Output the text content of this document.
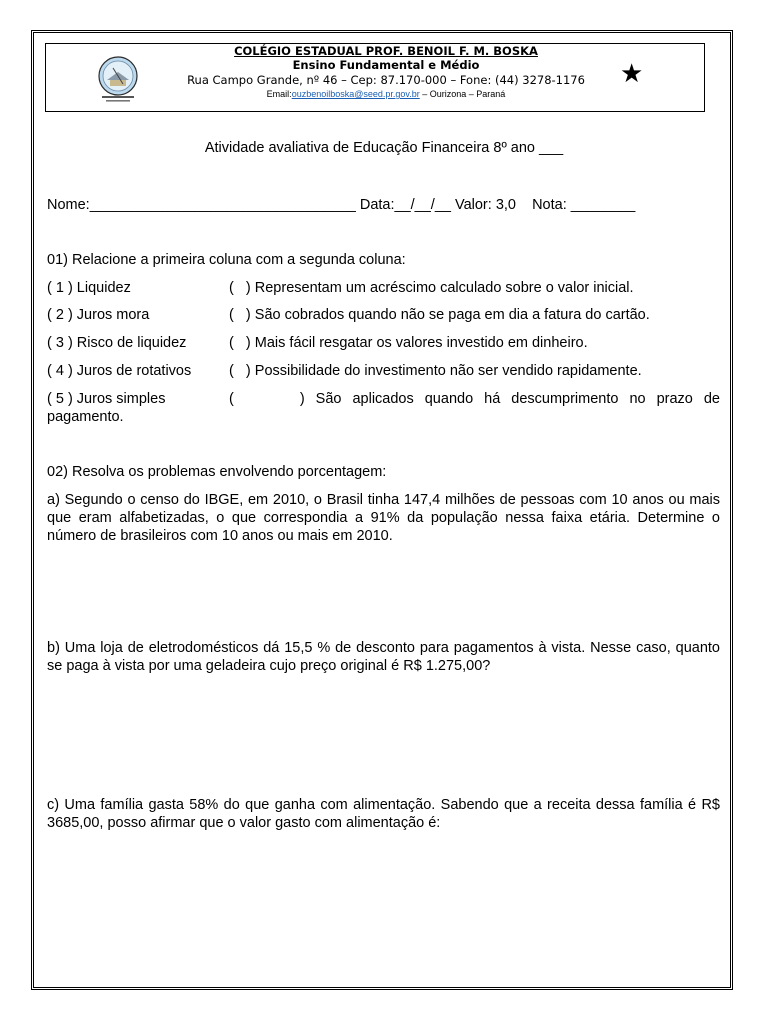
COLÉGIO ESTADUAL PROF. BENOIL F. M. BOSKA
Ensino Fundamental e Médio
Rua Campo Grande, nº 46 – Cep: 87.170-000 – Fone: (44) 3278-1176
Email:ouzbenoilboska@seed.pr.gov.br – Ourizona – Paraná
★
Atividade avaliativa de Educação Financeira 8º ano ___
Nome:_________________________________ Data:__/__/__ Valor: 3,0    Nota: ________
01) Relacione a primeira coluna com a segunda coluna:
( 1 ) Liquidez	(   ) Representam um acréscimo calculado sobre o valor inicial.
( 2 ) Juros mora	(   ) São cobrados quando não se paga em dia a fatura do cartão.
( 3 ) Risco de liquidez	(   ) Mais fácil resgatar os valores investido em dinheiro.
( 4 ) Juros de rotativos	(   ) Possibilidade do investimento não ser vendido rapidamente.
( 5 ) Juros simples	(      ) São aplicados quando há descumprimento no prazo de
pagamento.
02) Resolva os problemas envolvendo porcentagem:
a) Segundo o censo do IBGE, em 2010, o Brasil tinha 147,4 milhões de pessoas com 10 anos ou mais que eram alfabetizadas, o que correspondia a 91% da população nessa faixa etária. Determine o número de brasileiros com 10 anos ou mais em 2010.
b) Uma loja de eletrodomésticos dá 15,5 % de desconto para pagamentos à vista. Nesse caso, quanto se paga à vista por uma geladeira cujo preço original é R$ 1.275,00?
c) Uma família gasta 58% do que ganha com alimentação. Sabendo que a receita dessa família é R$ 3685,00, posso afirmar que o valor gasto com alimentação é:
